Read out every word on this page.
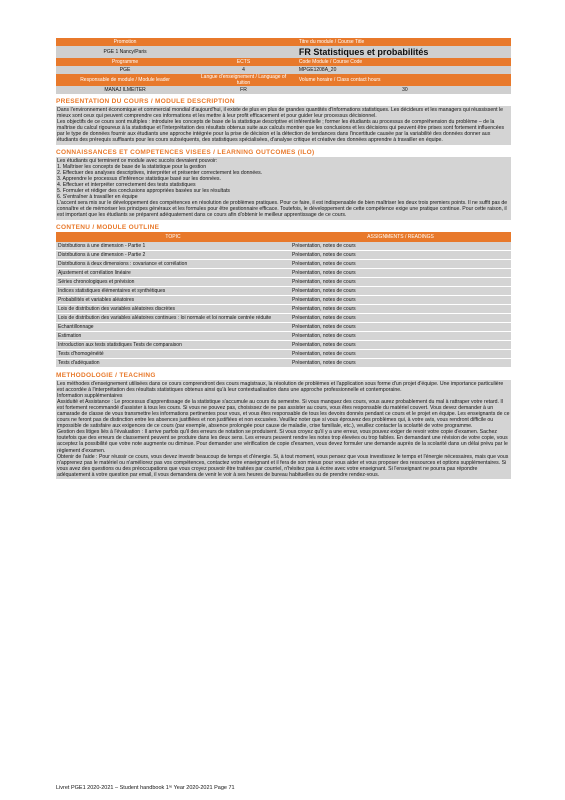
Promotion	Titre du module / Course Title
PGE 1 Nancy/Paris	FR Statistiques et probabilités
Programme	ECTS	Code Module / Course Code
PGE	4	MPGE1208A_20
Responsable de module / Module leader	Langue d'enseignement / Language of tuition	Volume horaire / Class contact hours
MANAJ ILMEITER	FR	30
PRESENTATION DU COURS / MODULE DESCRIPTION

Dans l'environnement économique et commercial mondial d'aujourd'hui, il existe de plus en plus de grandes quantités d'informations statistiques. Les décideurs et les managers qui réussissent le mieux sont ceux qui peuvent comprendre ces informations et les mettre à leur profit efficacement et pour guider leur processus décisionnel.

Les objectifs de ce cours sont multiples : introduire les concepts de base de la statistique descriptive et inférentielle ; former les étudiants au processus de compréhension du problème – de la maîtrise du calcul rigoureux à la statistique et l'interprétation des résultats obtenus suite aux calculs montrer que les conclusions et les décisions qui peuvent être prises sont fortement influencées par le type de données fournir aux étudiants une approche intégrée pour la prise de décision et la détection de tendances dans l'incertitude causée par la variabilité des données donner aux étudiants des prérequis suffisants pour les cours subséquents, des statistiques spécialisées, d'analyse critique et créative des données apprendre à travailler en équipe.

CONNAISSANCES ET COMPETENCES VISEES / LEARNING OUTCOMES (ILO)

Les étudiants qui terminent ce module avec succès devraient pouvoir:

1. Maîtriser les concepts de base de la statistique pour la gestion

2. Effectuer des analyses descriptives, interpréter et présenter correctement les données.

3. Apprendre le processus d'inférence statistique basé sur les données.

4. Effectuer et interpréter correctement des tests statistiques

5. Formuler et rédiger des conclusions appropriées basées sur les résultats

6. S'entraîner à travailler en équipe

L'accent sera mis sur le développement des compétences en résolution de problèmes pratiques. Pour ce faire, il est indispensable de bien maîtriser les deux trois premiers points. Il ne suffit pas de connaître et de mémoriser les principes généraux et les formules pour être gestionnaire efficace. Toutefois, le développement de cette compétence exige une pratique continue. Pour cette raison, il est important que les étudiants se préparent adéquatement dans ce cours afin d'obtenir le meilleur apprentissage de ce cours.

CONTENU / MODULE OUTLINE
TOPIC	ASSIGNMENTS / READINGS
Distributions à une dimension - Partie 1	Présentation, notes de cours
Distributions à une dimension - Partie 2	Présentation, notes de cours
Distributions à deux dimensions : covariance et corrélation	Présentation, notes de cours
Ajustement et corrélation linéaire	Présentation, notes de cours
Séries chronologiques et prévision	Présentation, notes de cours
Indices statistiques élémentaires et synthétiques	Présentation, notes de cours
Probabilités et variables aléatoires	Présentation, notes de cours
Lois de distribution des variables aléatoires discrètes	Présentation, notes de cours
Lois de distribution des variables aléatoires continues : loi normale et loi normale centrée réduite	Présentation, notes de cours
Echantillonnage	Présentation, notes de cours
Estimation	Présentation, notes de cours
Introduction aux tests statistiques Tests de comparaison	Présentation, notes de cours
Tests d'homogénéité	Présentation, notes de cours
Tests d'adéquation	Présentation, notes de cours
METHODOLOGIE / TEACHING

Les méthodes d'enseignement utilisées dans ce cours comprendront des cours magistraux, la résolution de problèmes et l'application sous forme d'un projet d'équipe. Une importance particulière est accordée à l'interprétation des résultats statistiques obtenus ainsi qu'à leur contextualisation dans une approche professionnelle et contemporaine.

Information supplémentaires

Assiduité et Assistance : Le processus d'apprentissage de la statistique s'accumule au cours du semestre. Si vous manquez des cours, vous aurez probablement du mal à rattraper votre retard. Il est fortement recommandé d'assister à tous les cours. Si vous ne pouvez pas, choisissez de ne pas assister au cours, vous êtes responsable du matériel couvert. Vous devez demander à un camarade de classe de vous transmettre les informations pertinentes pour vous, et vous êtes responsable de tous les devoirs donnés pendant ce cours et le projet en équipe. Les enseignants de ce cours ne feront pas de distinction entre les absences justifiées et non justifiées et non excusées. Veuillez noter que si vous éprouvez des problèmes qui, à votre avis, vous rendront difficile ou impossible de satisfaire aux exigences de ce cours (par exemple, absence prolongée pour cause de maladie, crise familiale, etc.), veuillez contacter la scolarité de votre programme.

Gestion des litiges liés à l'évaluation : Il arrive parfois qu'il des erreurs de notation se produisent. Si vous croyez qu'il y a une erreur, vous pouvez exiger de revoir votre copie d'examen. Sachez toutefois que des erreurs de classement peuvent se produire dans les deux sens. Les erreurs peuvent rendre les notes trop élevées ou trop faibles. En demandant une révision de votre copie, vous acceptez la possibilité que votre note augmente ou diminue. Pour demander une vérification de copie d'examen, vous devez formuler une demande auprès de la scolarité dans un délai prévu par le règlement d'examen.

Obtenir de l'aide : Pour réussir ce cours, vous devez investir beaucoup de temps et d'énergie. Si, à tout moment, vous pensez que vous investissez le temps et l'énergie nécessaires, mais que vous n'apprenez pas le matériel ou n'améliorez pas vos compétences, contactez votre enseignant et il fera de son mieux pour vous aider et vous proposer des ressources et options supplémentaires. Si vous avez des questions ou des préoccupations que vous croyez pouvoir être traitées par courriel, n'hésitez pas à écrire avec votre enseignant. Si l'enseignant ne pourra pas répondre adéquatement à votre question par email, il vous demandera de venir le voir à ses heures de bureau habituelles ou de prendre rendez-vous.

Livret PGE1 2020-2021 – Student handbook 1ʳᵉ Year 2020-2021 Page 71
